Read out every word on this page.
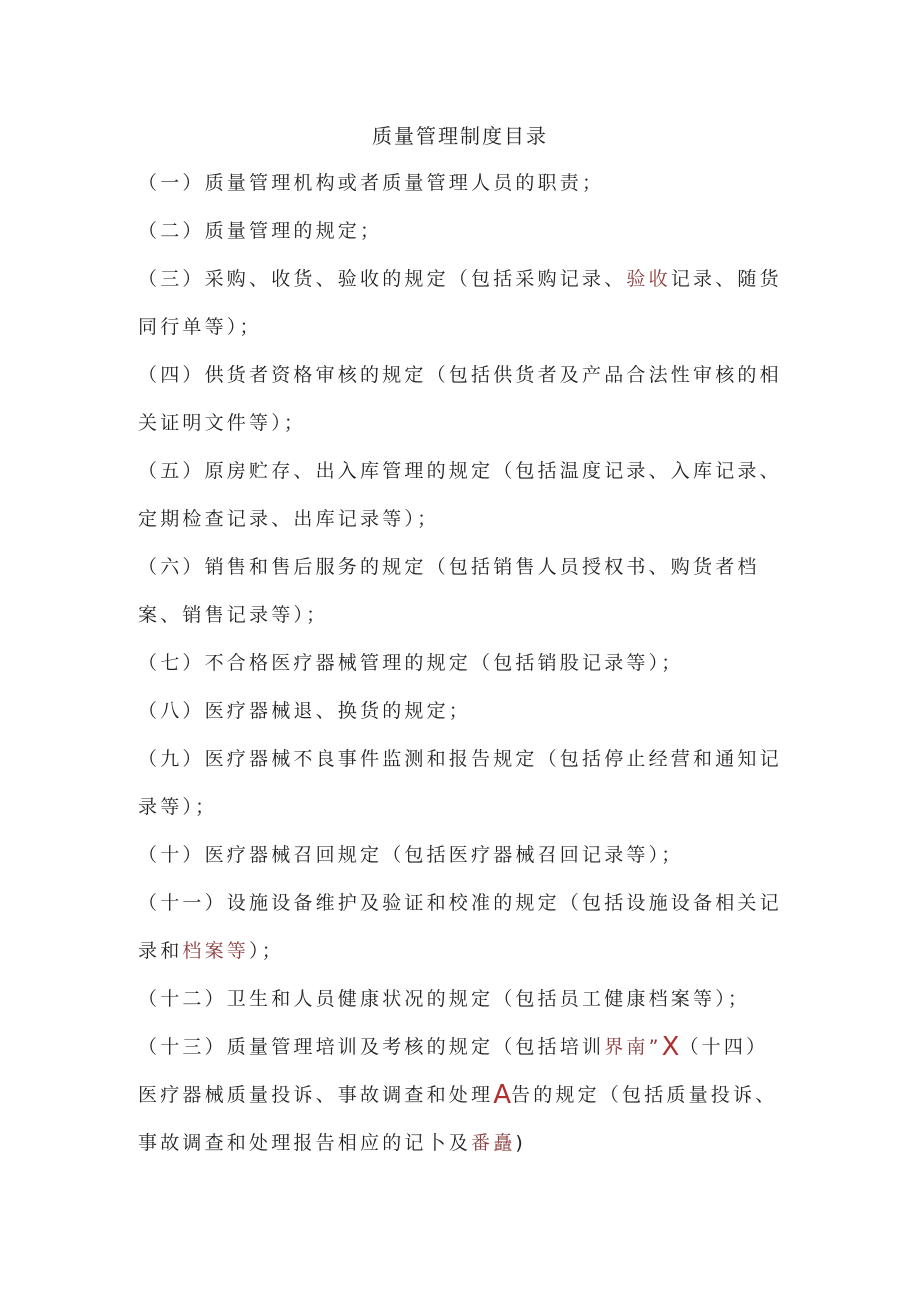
质量管理制度目录
（一）质量管理机构或者质量管理人员的职责；
（二）质量管理的规定；
（三）采购、收货、验收的规定（包括采购记录、验收记录、随货
同行单等）；
（四）供货者资格审核的规定（包括供货者及产品合法性审核的相
关证明文件等）；
（五）原房贮存、出入库管理的规定（包括温度记录、入库记录、
定期检查记录、出库记录等）；
（六）销售和售后服务的规定（包括销售人员授权书、购货者档
案、销售记录等）；
（七）不合格医疗器械管理的规定（包括销股记录等）；
（八）医疗器械退、换货的规定；
（九）医疗器械不良事件监测和报告规定（包括停止经营和通知记
录等）；
（十）医疗器械召回规定（包括医疗器械召回记录等）；
（十一）设施设备维护及验证和校准的规定（包括设施设备相关记
录和档案等）；
（十二）卫生和人员健康状况的规定（包括员工健康档案等）；
（十三）质量管理培训及考核的规定（包括培训界南”X（十四）
医疗器械质量投诉、事故调查和处理A告的规定（包括质量投诉、
事故调查和处理报告相应的记卜及番矗)
